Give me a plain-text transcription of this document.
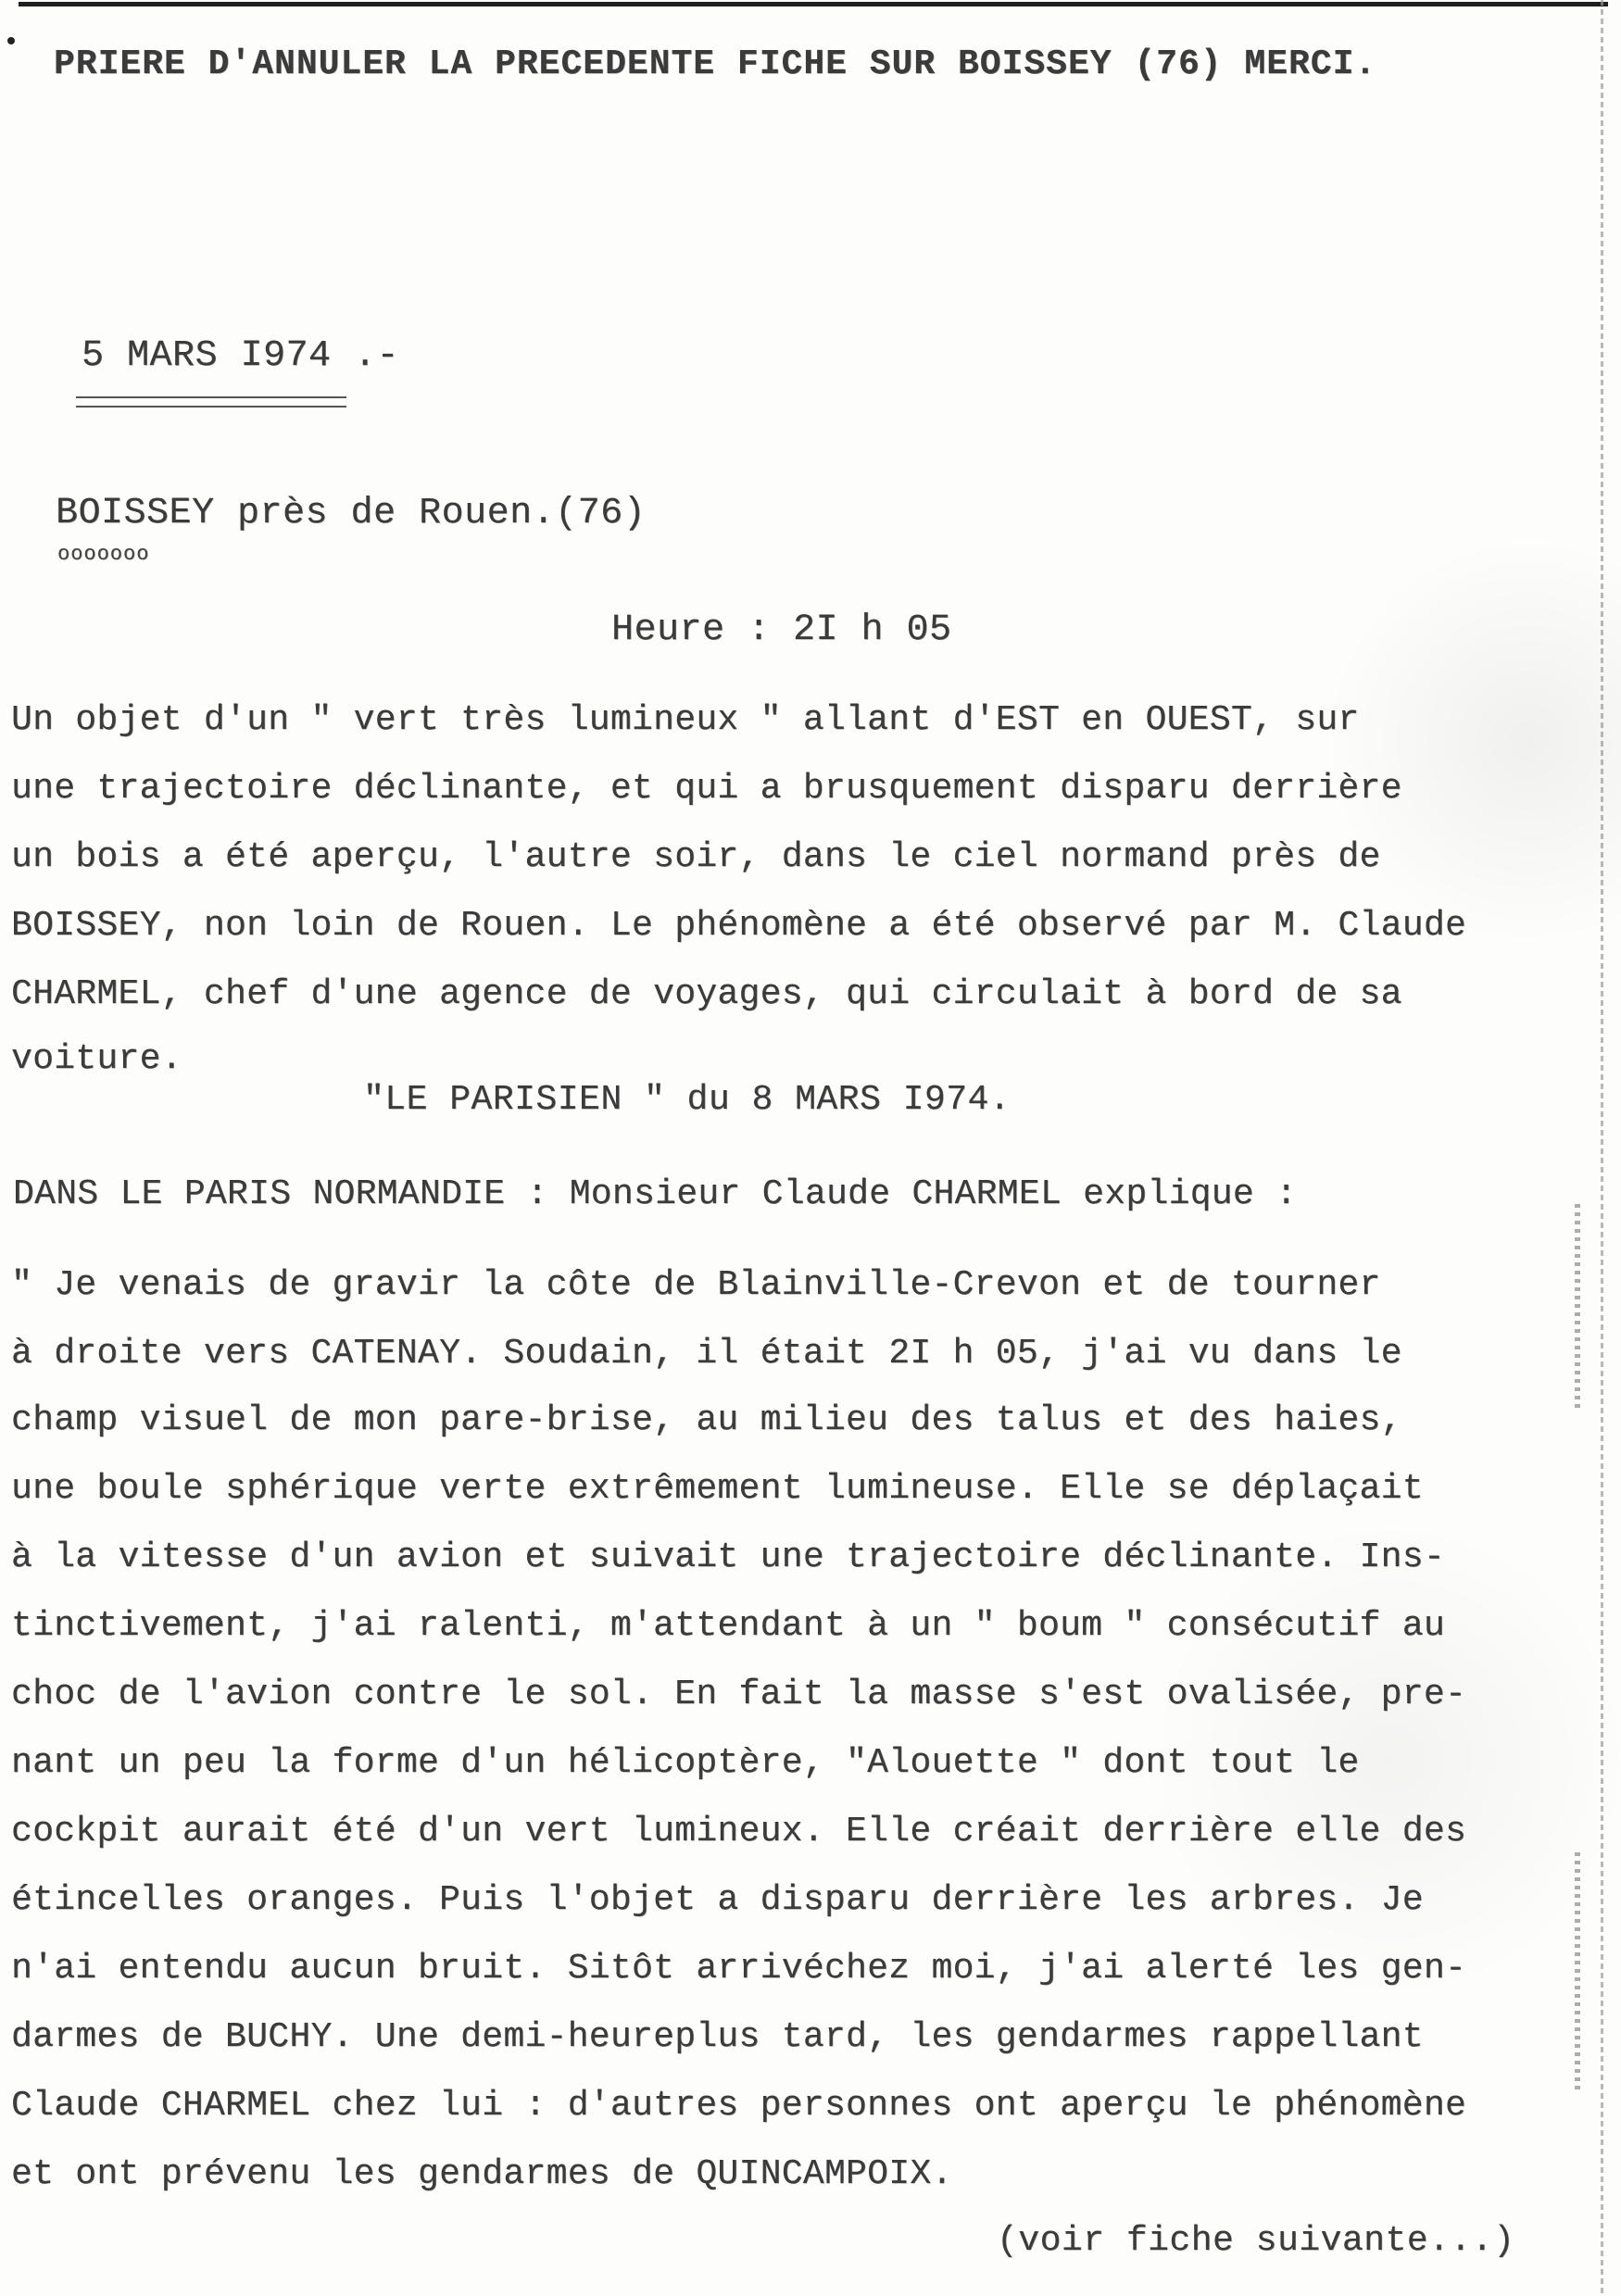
PRIERE D'ANNULER LA PRECEDENTE FICHE SUR BOISSEY (76) MERCI.
5 MARS I974 .-
BOISSEY près de Rouen.(76)
ooooooo
Heure : 2I h 05
Un objet d'un " vert très lumineux " allant d'EST en OUEST, sur
une trajectoire déclinante, et qui a brusquement disparu derrière
un bois a été aperçu, l'autre soir, dans le ciel normand près de
BOISSEY, non loin de Rouen. Le phénomène a été observé par M. Claude
CHARMEL, chef d'une agence de voyages, qui circulait à bord de sa
voiture.
"LE PARISIEN " du 8 MARS I974.
DANS LE PARIS NORMANDIE : Monsieur Claude CHARMEL explique :
" Je venais de gravir la côte de Blainville-Crevon et de tourner
à droite vers CATENAY. Soudain, il était 2I h 05, j'ai vu dans le
champ visuel de mon pare-brise, au milieu des talus et des haies,
une boule sphérique verte extrêmement lumineuse. Elle se déplaçait
à la vitesse d'un avion et suivait une trajectoire déclinante. Ins-
tinctivement, j'ai ralenti, m'attendant à un " boum " consécutif au
choc de l'avion contre le sol. En fait la masse s'est ovalisée, pre-
nant un peu la forme d'un hélicoptère, "Alouette " dont tout le
cockpit aurait été d'un vert lumineux. Elle créait derrière elle des
étincelles oranges. Puis l'objet a disparu derrière les arbres. Je
n'ai entendu aucun bruit. Sitôt arrivéchez moi, j'ai alerté les gen-
darmes de BUCHY. Une demi-heureplus tard, les gendarmes rappellant
Claude CHARMEL chez lui : d'autres personnes ont aperçu le phénomène
et ont prévenu les gendarmes de QUINCAMPOIX.
(voir fiche suivante...)
